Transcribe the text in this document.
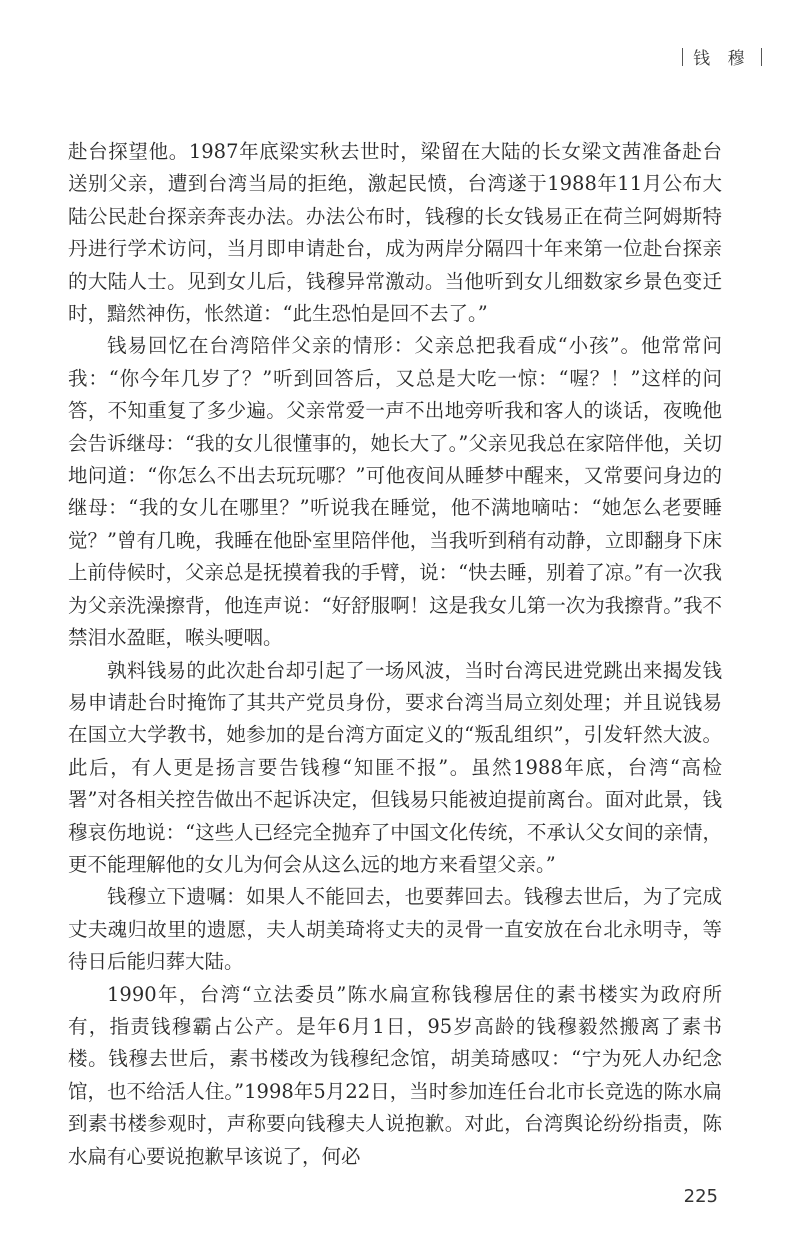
钱 穆

赴台探望他。1987年底梁实秋去世时，梁留在大陆的长女梁文茜准备赴台送别父亲，遭到台湾当局的拒绝，激起民愤，台湾遂于1988年11月公布大陆公民赴台探亲奔丧办法。办法公布时，钱穆的长女钱易正在荷兰阿姆斯特丹进行学术访问，当月即申请赴台，成为两岸分隔四十年来第一位赴台探亲的大陆人士。见到女儿后，钱穆异常激动。当他听到女儿细数家乡景色变迁时，黯然神伤，怅然道：“此生恐怕是回不去了。”

钱易回忆在台湾陪伴父亲的情形：父亲总把我看成“小孩”。他常常问我：“你今年几岁了？”听到回答后，又总是大吃一惊：“喔？！”这样的问答，不知重复了多少遍。父亲常爱一声不出地旁听我和客人的谈话，夜晚他会告诉继母：“我的女儿很懂事的，她长大了。”父亲见我总在家陪伴他，关切地问道：“你怎么不出去玩玩哪？”可他夜间从睡梦中醒来，又常要问身边的继母：“我的女儿在哪里？”听说我在睡觉，他不满地嘀咕：“她怎么老要睡觉？”曾有几晚，我睡在他卧室里陪伴他，当我听到稍有动静，立即翻身下床上前侍候时，父亲总是抚摸着我的手臂，说：“快去睡，别着了凉。”有一次我为父亲洗澡擦背，他连声说：“好舒服啊！这是我女儿第一次为我擦背。”我不禁泪水盈眶，喉头哽咽。

孰料钱易的此次赴台却引起了一场风波，当时台湾民进党跳出来揭发钱易申请赴台时掩饰了其共产党员身份，要求台湾当局立刻处理；并且说钱易在国立大学教书，她参加的是台湾方面定义的“叛乱组织”，引发轩然大波。此后，有人更是扬言要告钱穆“知匪不报”。虽然1988年底，台湾“高检署”对各相关控告做出不起诉决定，但钱易只能被迫提前离台。面对此景，钱穆哀伤地说：“这些人已经完全抛弃了中国文化传统，不承认父女间的亲情，更不能理解他的女儿为何会从这么远的地方来看望父亲。”

钱穆立下遗嘱：如果人不能回去，也要葬回去。钱穆去世后，为了完成丈夫魂归故里的遗愿，夫人胡美琦将丈夫的灵骨一直安放在台北永明寺，等待日后能归葬大陆。

1990年，台湾“立法委员”陈水扁宣称钱穆居住的素书楼实为政府所有，指责钱穆霸占公产。是年6月1日，95岁高龄的钱穆毅然搬离了素书楼。钱穆去世后，素书楼改为钱穆纪念馆，胡美琦感叹：“宁为死人办纪念馆，也不给活人住。”1998年5月22日，当时参加连任台北市长竞选的陈水扁到素书楼参观时，声称要向钱穆夫人说抱歉。对此，台湾舆论纷纷指责，陈水扁有心要说抱歉早该说了，何必

225
